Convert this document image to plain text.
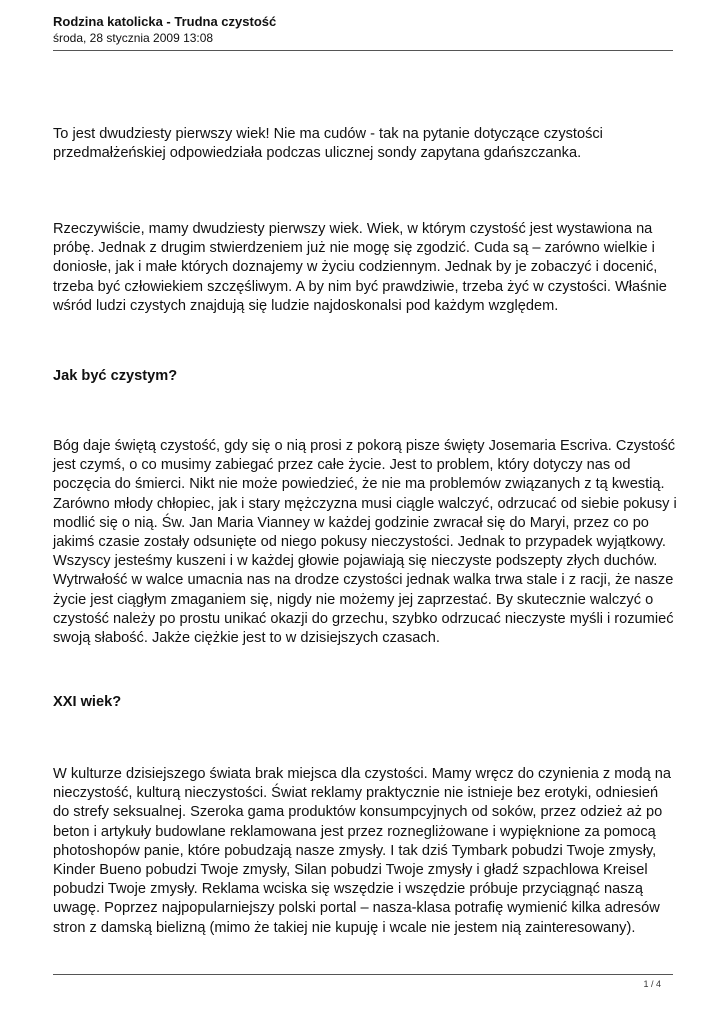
Rodzina katolicka - Trudna czystość

środa, 28 stycznia 2009 13:08

To jest dwudziesty pierwszy wiek! Nie ma cudów - tak na pytanie dotyczące czystości przedmałżeńskiej odpowiedziała podczas ulicznej sondy zapytana gdańszczanka.

Rzeczywiście, mamy dwudziesty pierwszy wiek. Wiek, w którym czystość jest wystawiona na próbę. Jednak z drugim stwierdzeniem już nie mogę się zgodzić. Cuda są – zarówno wielkie i doniosłe, jak i małe których doznajemy w życiu codziennym. Jednak by je zobaczyć i docenić, trzeba być człowiekiem szczęśliwym. A by nim być prawdziwie, trzeba żyć w czystości. Właśnie wśród ludzi czystych znajdują się ludzie najdoskonalsi pod każdym względem.

Jak być czystym?

Bóg daje świętą czystość, gdy się o nią prosi z pokorą pisze święty Josemaria Escriva. Czystość jest czymś, o co musimy zabiegać przez całe życie. Jest to problem, który dotyczy nas od poczęcia do śmierci. Nikt nie może powiedzieć, że nie ma problemów związanych z tą kwestią. Zarówno młody chłopiec, jak i stary mężczyzna musi ciągle walczyć, odrzucać od siebie pokusy i modlić się o nią. Św. Jan Maria Vianney w każdej godzinie zwracał się do Maryi, przez co po jakimś czasie zostały odsunięte od niego pokusy nieczystości. Jednak to przypadek wyjątkowy. Wszyscy jesteśmy kuszeni i w każdej głowie pojawiają się nieczyste podszepty złych duchów. Wytrwałość w walce umacnia nas na drodze czystości jednak walka trwa stale i z racji, że nasze życie jest ciągłym zmaganiem się, nigdy nie możemy jej zaprzestać. By skutecznie walczyć o czystość należy po prostu unikać okazji do grzechu, szybko odrzucać nieczyste myśli i rozumieć swoją słabość. Jakże ciężkie jest to w dzisiejszych czasach.

XXI wiek?

W kulturze dzisiejszego świata brak miejsca dla czystości. Mamy wręcz do czynienia z modą na nieczystość, kulturą nieczystości. Świat reklamy praktycznie nie istnieje bez erotyki, odniesień do strefy seksualnej. Szeroka gama produktów konsumpcyjnych od soków, przez odzież aż po beton i artykuły budowlane reklamowana jest przez roznegliżowane i wypięknione za pomocą photoshopów panie, które pobudzają nasze zmysły. I tak dziś Tymbark pobudzi Twoje zmysły, Kinder Bueno pobudzi Twoje zmysły, Silan pobudzi Twoje zmysły i gładź szpachlowa Kreisel pobudzi Twoje zmysły. Reklama wciska się wszędzie i wszędzie próbuje przyciągnąć naszą uwagę. Poprzez najpopularniejszy polski portal – nasza-klasa potrafię wymienić kilka adresów stron z damską bielizną (mimo że takiej nie kupuję i wcale nie jestem nią zainteresowany).

1 / 4
